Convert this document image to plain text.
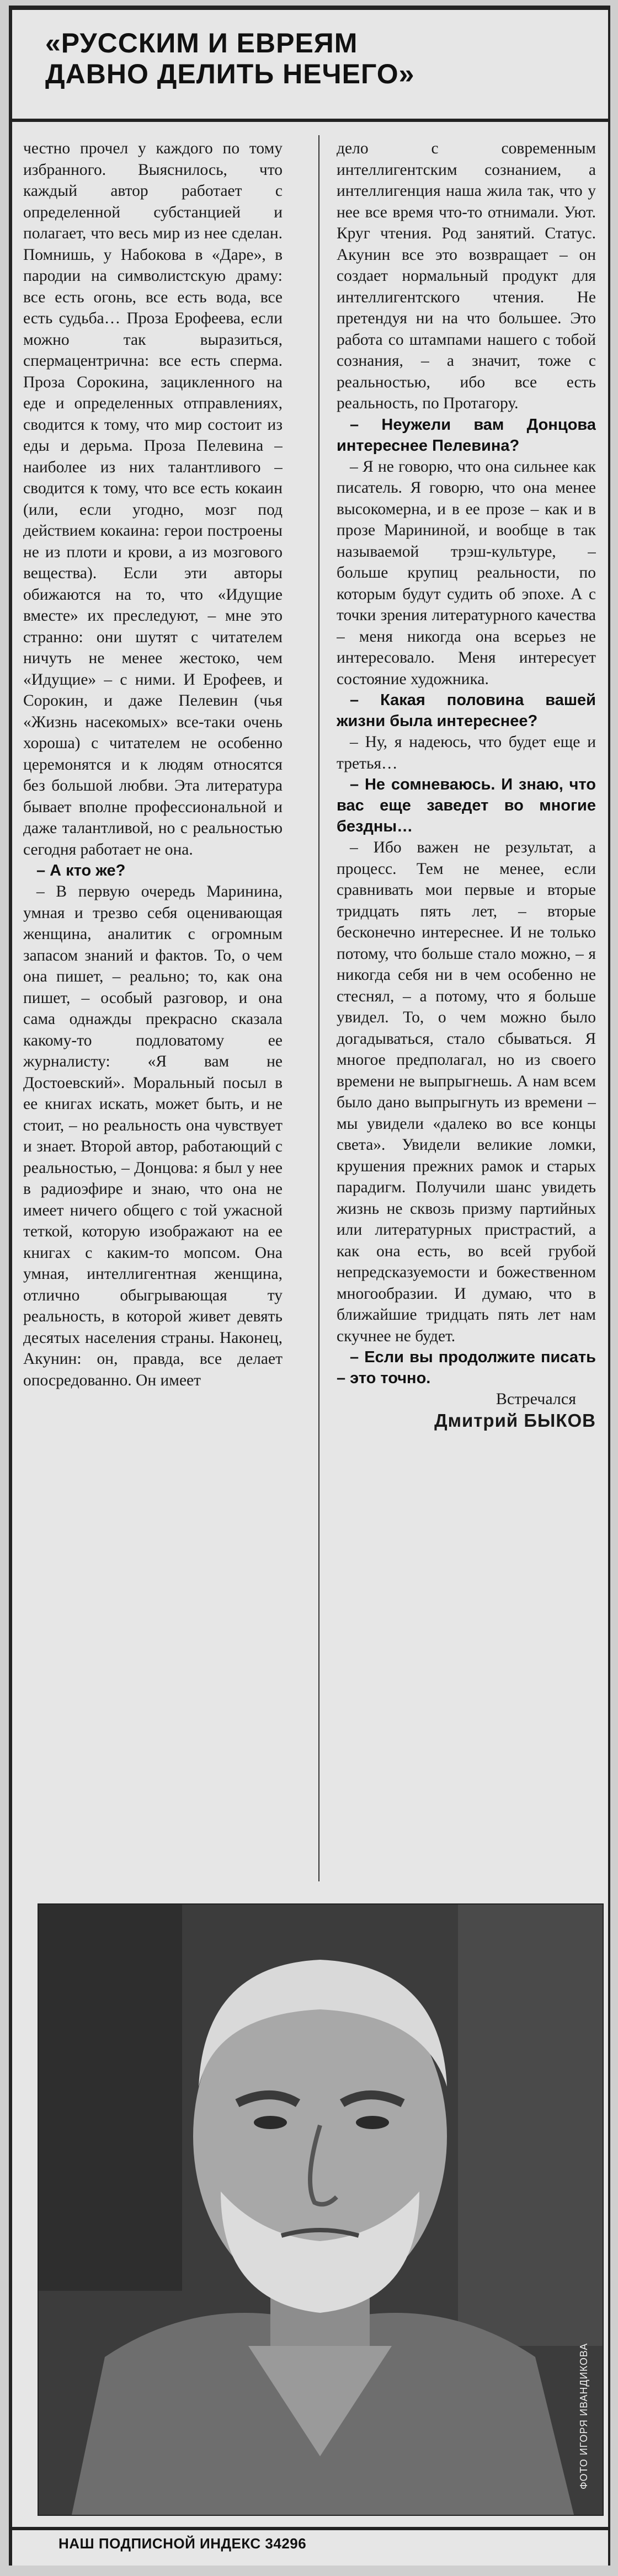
«РУССКИМ И ЕВРЕЯМ
ДАВНО ДЕЛИТЬ НЕЧЕГО»

честно прочел у каждого по тому избранного. Выяснилось, что каждый автор работает с определенной субстанцией и полагает, что весь мир из нее сделан. Помнишь, у Набокова в «Даре», в пародии на символистскую драму: все есть огонь, все есть вода, все есть судьба… Проза Ерофеева, если можно так выразиться, спермацентрична: все есть сперма. Проза Сорокина, зацикленного на еде и определенных отправлениях, сводится к тому, что мир состоит из еды и дерьма. Проза Пелевина – наиболее из них талантливого – сводится к тому, что все есть кокаин (или, если угодно, мозг под действием кокаина: герои построены не из плоти и крови, а из мозгового вещества). Если эти авторы обижаются на то, что «Идущие вместе» их преследуют, – мне это странно: они шутят с читателем ничуть не менее жестоко, чем «Идущие» – с ними. И Ерофеев, и Сорокин, и даже Пелевин (чья «Жизнь насекомых» все-таки очень хороша) с читателем не особенно церемонятся и к людям относятся без большой любви. Эта литература бывает вполне профессиональной и даже талантливой, но с реальностью сегодня работает не она.

– А кто же?

– В первую очередь Маринина, умная и трезво себя оценивающая женщина, аналитик с огромным запасом знаний и фактов. То, о чем она пишет, – реально; то, как она пишет, – особый разговор, и она сама однажды прекрасно сказала какому-то подловатому ее журналисту: «Я вам не Достоевский». Моральный посыл в ее книгах искать, может быть, и не стоит, – но реальность она чувствует и знает. Второй автор, работающий с реальностью, – Донцова: я был у нее в радиоэфире и знаю, что она не имеет ничего общего с той ужасной теткой, которую изображают на ее книгах с каким-то мопсом. Она умная, интеллигентная женщина, отлично обыгрывающая ту реальность, в которой живет девять десятых населения страны. Наконец, Акунин: он, правда, все делает опосредованно. Он имеет

дело с современным интеллигентским сознанием, а интеллигенция наша жила так, что у нее все время что-то отнимали. Уют. Круг чтения. Род занятий. Статус. Акунин все это возвращает – он создает нормальный продукт для интеллигентского чтения. Не претендуя ни на что большее. Это работа со штампами нашего с тобой сознания, – а значит, тоже с реальностью, ибо все есть реальность, по Протагору.

– Неужели вам Донцова интереснее Пелевина?

– Я не говорю, что она сильнее как писатель. Я говорю, что она менее высокомерна, и в ее прозе – как и в прозе Марининой, и вообще в так называемой трэш-культуре, – больше крупиц реальности, по которым будут судить об эпохе. А с точки зрения литературного качества – меня никогда она всерьез не интересовало. Меня интересует состояние художника.

– Какая половина вашей жизни была интереснее?

– Ну, я надеюсь, что будет еще и третья…

– Не сомневаюсь. И знаю, что вас еще заведет во многие бездны…

– Ибо важен не результат, а процесс. Тем не менее, если сравнивать мои первые и вторые тридцать пять лет, – вторые бесконечно интереснее. И не только потому, что больше стало можно, – я никогда себя ни в чем особенно не стеснял, – а потому, что я больше увидел. То, о чем можно было догадываться, стало сбываться. Я многое предполагал, но из своего времени не выпрыгнешь. А нам всем было дано выпрыгнуть из времени – мы увидели «далеко во все концы света». Увидели великие ломки, крушения прежних рамок и старых парадигм. Получили шанс увидеть жизнь не сквозь призму партийных или литературных пристрастий, а как она есть, во всей грубой непредсказуемости и божественном многообразии. И думаю, что в ближайшие тридцать пять лет нам скучнее не будет.

– Если вы продолжите писать – это точно.

Встречался
Дмитрий БЫКОВ
ФОТО ИГОРЯ ИВАНДИКОВА
НАШ ПОДПИСНОЙ ИНДЕКС 34296
